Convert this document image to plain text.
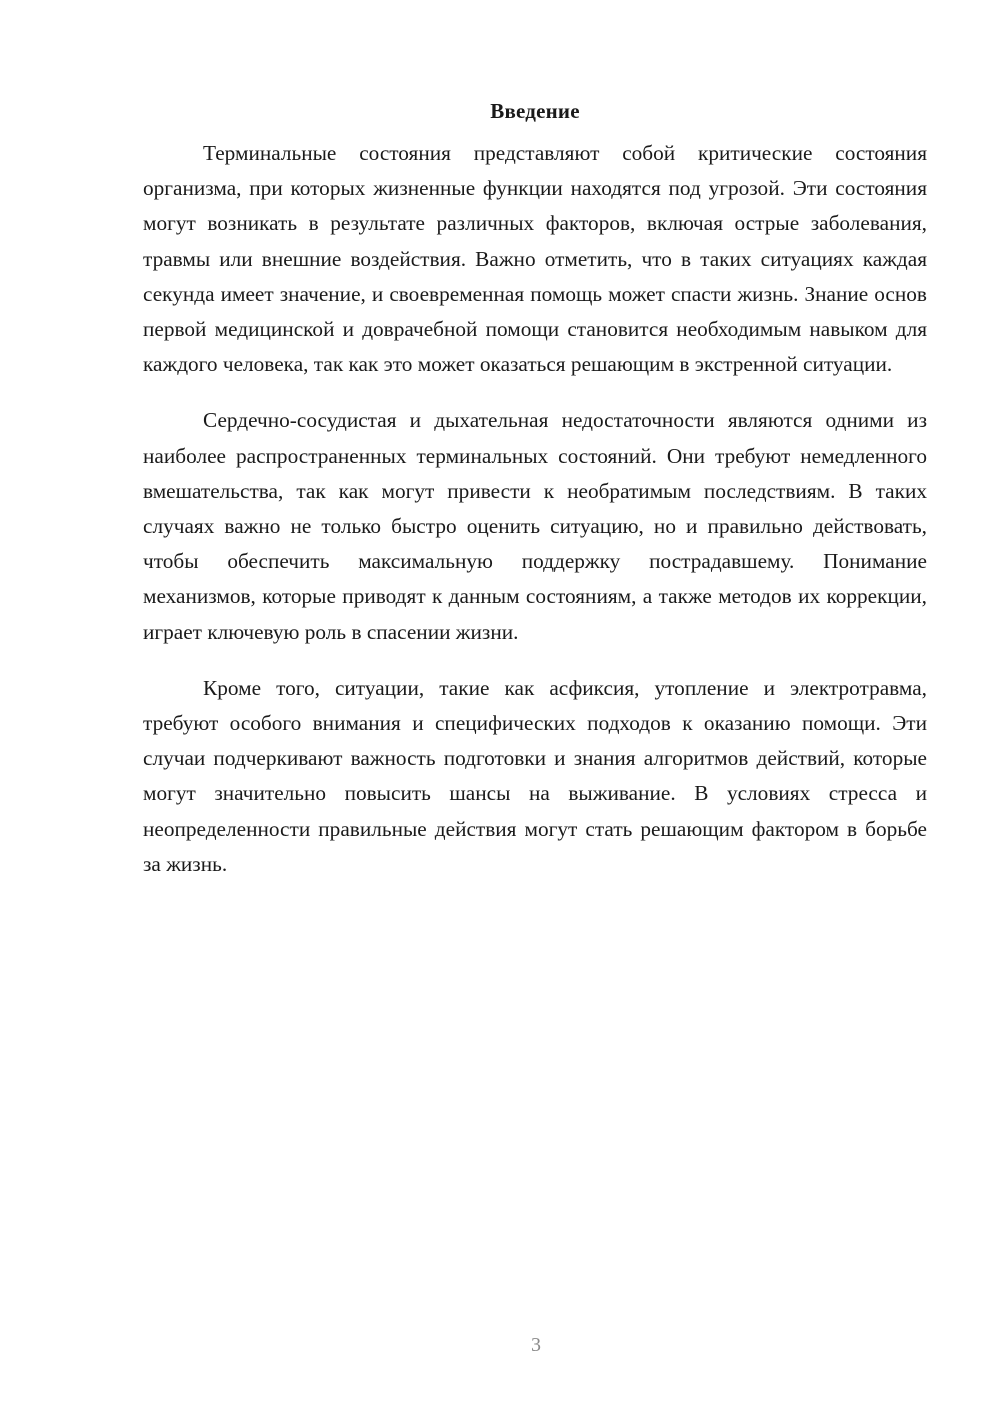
Введение

Терминальные состояния представляют собой критические состояния организма, при которых жизненные функции находятся под угрозой. Эти состояния могут возникать в результате различных факторов, включая острые заболевания, травмы или внешние воздействия. Важно отметить, что в таких ситуациях каждая секунда имеет значение, и своевременная помощь может спасти жизнь. Знание основ первой медицинской и доврачебной помощи становится необходимым навыком для каждого человека, так как это может оказаться решающим в экстренной ситуации.

Сердечно-сосудистая и дыхательная недостаточности являются одними из наиболее распространенных терминальных состояний. Они требуют немедленного вмешательства, так как могут привести к необратимым последствиям. В таких случаях важно не только быстро оценить ситуацию, но и правильно действовать, чтобы обеспечить максимальную поддержку пострадавшему. Понимание механизмов, которые приводят к данным состояниям, а также методов их коррекции, играет ключевую роль в спасении жизни.

Кроме того, ситуации, такие как асфиксия, утопление и электротравма, требуют особого внимания и специфических подходов к оказанию помощи. Эти случаи подчеркивают важность подготовки и знания алгоритмов действий, которые могут значительно повысить шансы на выживание. В условиях стресса и неопределенности правильные действия могут стать решающим фактором в борьбе за жизнь.

3
